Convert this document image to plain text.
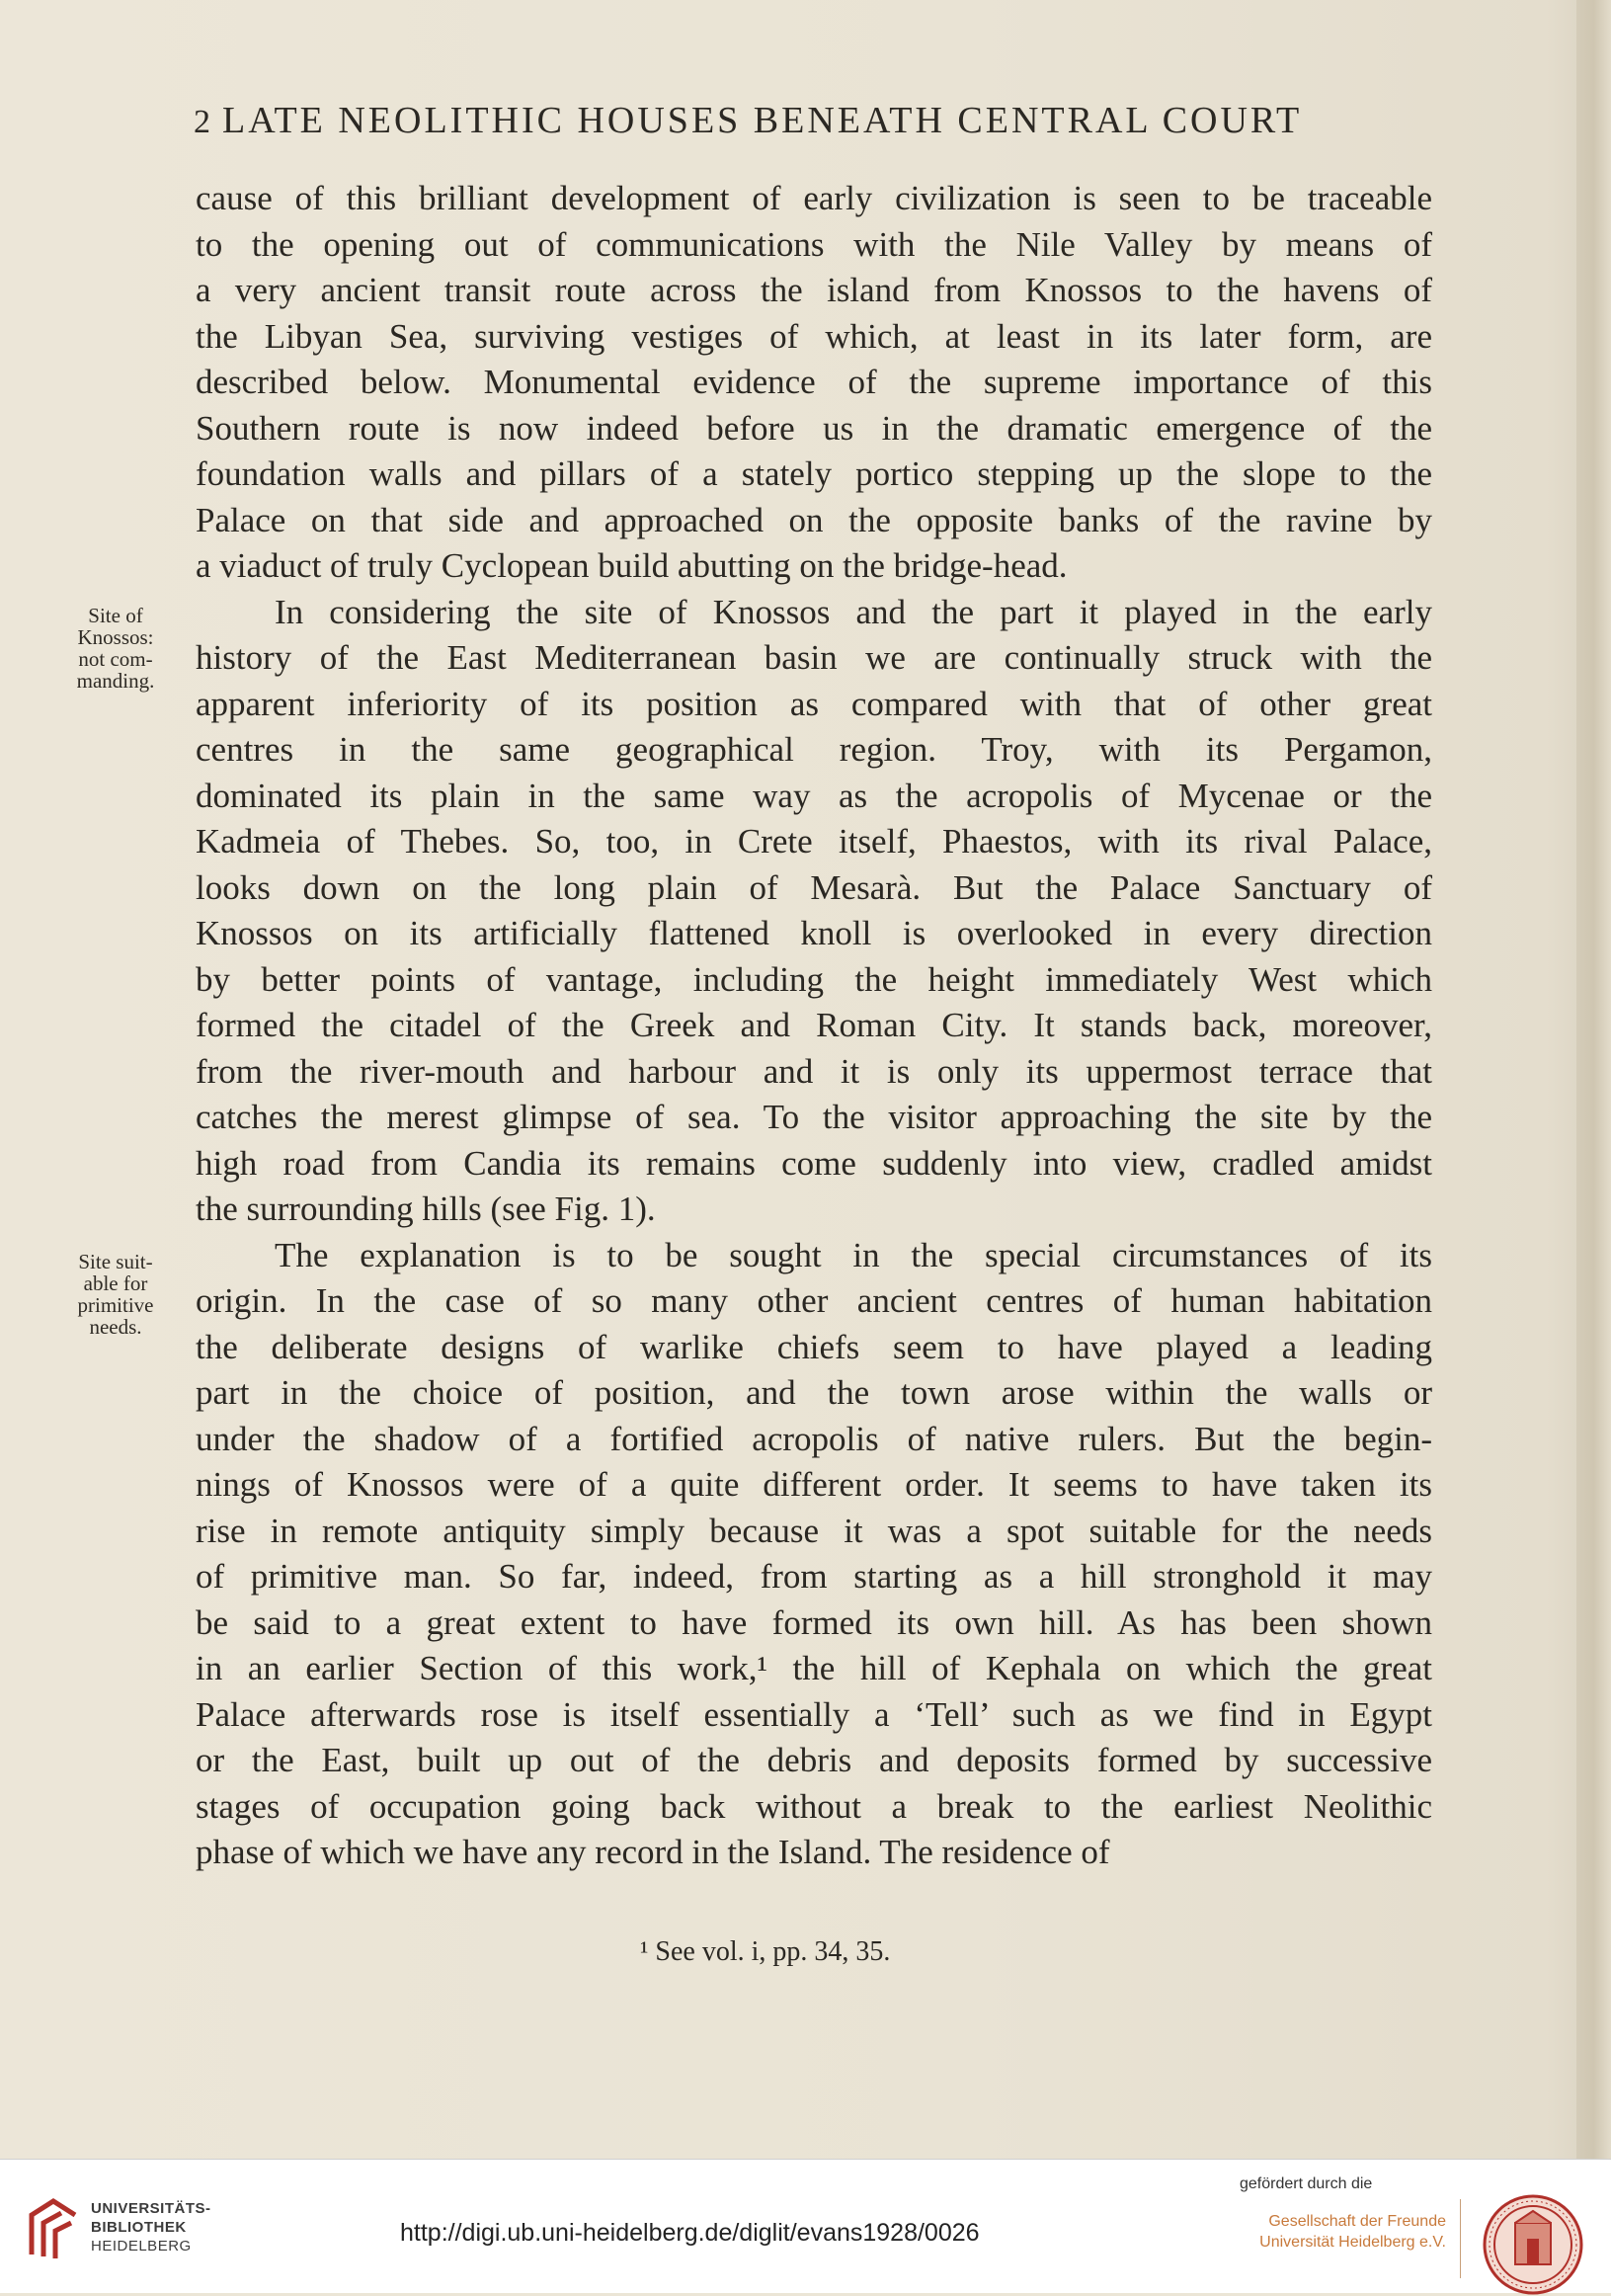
2 LATE NEOLITHIC HOUSES BENEATH CENTRAL COURT

cause of this brilliant development of early civilization is seen to be traceable
to the opening out of communications with the Nile Valley by means of
a very ancient transit route across the island from Knossos to the havens of
the Libyan Sea, surviving vestiges of which, at least in its later form, are
described below. Monumental evidence of the supreme importance of this
Southern route is now indeed before us in the dramatic emergence of the
foundation walls and pillars of a stately portico stepping up the slope to the
Palace on that side and approached on the opposite banks of the ravine by
a viaduct of truly Cyclopean build abutting on the bridge-head.

In considering the site of Knossos and the part it played in the early
history of the East Mediterranean basin we are continually struck with the
apparent inferiority of its position as compared with that of other great
centres in the same geographical region. Troy, with its Pergamon,
dominated its plain in the same way as the acropolis of Mycenae or the
Kadmeia of Thebes. So, too, in Crete itself, Phaestos, with its rival Palace,
looks down on the long plain of Mesarà. But the Palace Sanctuary of
Knossos on its artificially flattened knoll is overlooked in every direction
by better points of vantage, including the height immediately West which
formed the citadel of the Greek and Roman City. It stands back, moreover,
from the river-mouth and harbour and it is only its uppermost terrace that
catches the merest glimpse of sea. To the visitor approaching the site by the
high road from Candia its remains come suddenly into view, cradled amidst
the surrounding hills (see Fig. 1).

The explanation is to be sought in the special circumstances of its
origin. In the case of so many other ancient centres of human habitation
the deliberate designs of warlike chiefs seem to have played a leading
part in the choice of position, and the town arose within the walls or
under the shadow of a fortified acropolis of native rulers. But the begin-
nings of Knossos were of a quite different order. It seems to have taken its
rise in remote antiquity simply because it was a spot suitable for the needs
of primitive man. So far, indeed, from starting as a hill stronghold it may
be said to a great extent to have formed its own hill. As has been shown
in an earlier Section of this work,¹ the hill of Kephala on which the great
Palace afterwards rose is itself essentially a ‘Tell’ such as we find in Egypt
or the East, built up out of the debris and deposits formed by successive
stages of occupation going back without a break to the earliest Neolithic
phase of which we have any record in the Island. The residence of

Site of
Knossos:
not com-
manding.
Site suit-
able for
primitive
needs.
¹ See vol. i, pp. 34, 35.
UNIVERSITÄTS-
BIBLIOTHEK
HEIDELBERG	http://digi.ub.uni-heidelberg.de/diglit/evans1928/0026
gefördert durch die
Gesellschaft der Freunde
Universität Heidelberg e.V.
